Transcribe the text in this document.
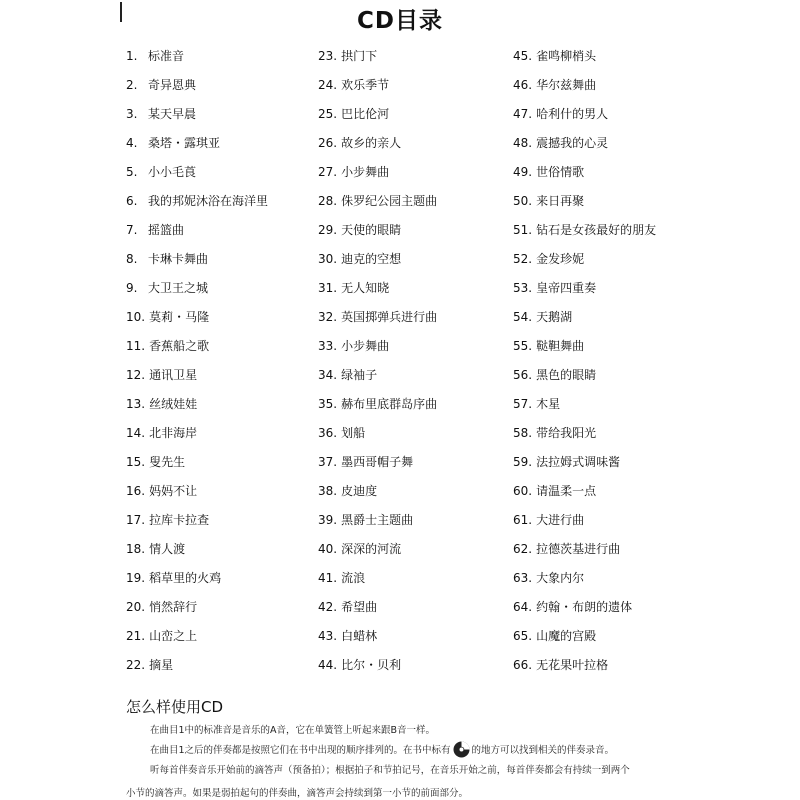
CD目录
1. 标准音
2. 奇异恩典
3. 某天早晨
4. 桑塔・露琪亚
5. 小小毛莨
6. 我的邦妮沐浴在海洋里
7. 摇篮曲
8. 卡琳卡舞曲
9. 大卫王之城
10. 莫莉・马隆
11. 香蕉船之歌
12. 通讯卫星
13. 丝绒娃娃
14. 北非海岸
15. 叟先生
16. 妈妈不让
17. 拉库卡拉查
18. 情人渡
19. 稻草里的火鸡
20. 悄然辞行
21. 山峦之上
22. 摘星
23. 拱门下
24. 欢乐季节
25. 巴比伦河
26. 故乡的亲人
27. 小步舞曲
28. 侏罗纪公园主题曲
29. 天使的眼睛
30. 迪克的空想
31. 无人知晓
32. 英国掷弹兵进行曲
33. 小步舞曲
34. 绿袖子
35. 赫布里底群岛序曲
36. 划船
37. 墨西哥帽子舞
38. 皮迪度
39. 黑爵士主题曲
40. 深深的河流
41. 流浪
42. 希望曲
43. 白蜡林
44. 比尔・贝利
45. 雀鸣柳梢头
46. 华尔兹舞曲
47. 哈利什的男人
48. 震撼我的心灵
49. 世俗情歌
50. 来日再聚
51. 钻石是女孩最好的朋友
52. 金发珍妮
53. 皇帝四重奏
54. 天鹅湖
55. 鞑靼舞曲
56. 黑色的眼睛
57. 木星
58. 带给我阳光
59. 法拉姆式调味酱
60. 请温柔一点
61. 大进行曲
62. 拉德茨基进行曲
63. 大象内尔
64. 约翰・布朗的遗体
65. 山魔的宫殿
66. 无花果叶拉格
怎么样使用CD
在曲目1中的标准音是音乐的A音，它在单簧管上听起来跟B音一样。
在曲目1之后的伴奏都是按照它们在书中出现的顺序排列的。在书中标有 的地方可以找到相关的伴奏录音。
听每首伴奏音乐开始前的滴答声（预备拍）；根据拍子和节拍记号，在音乐开始之前，每首伴奏都会有持续一到两个
小节的滴答声。如果是弱拍起句的伴奏曲，滴答声会持续到第一小节的前面部分。
